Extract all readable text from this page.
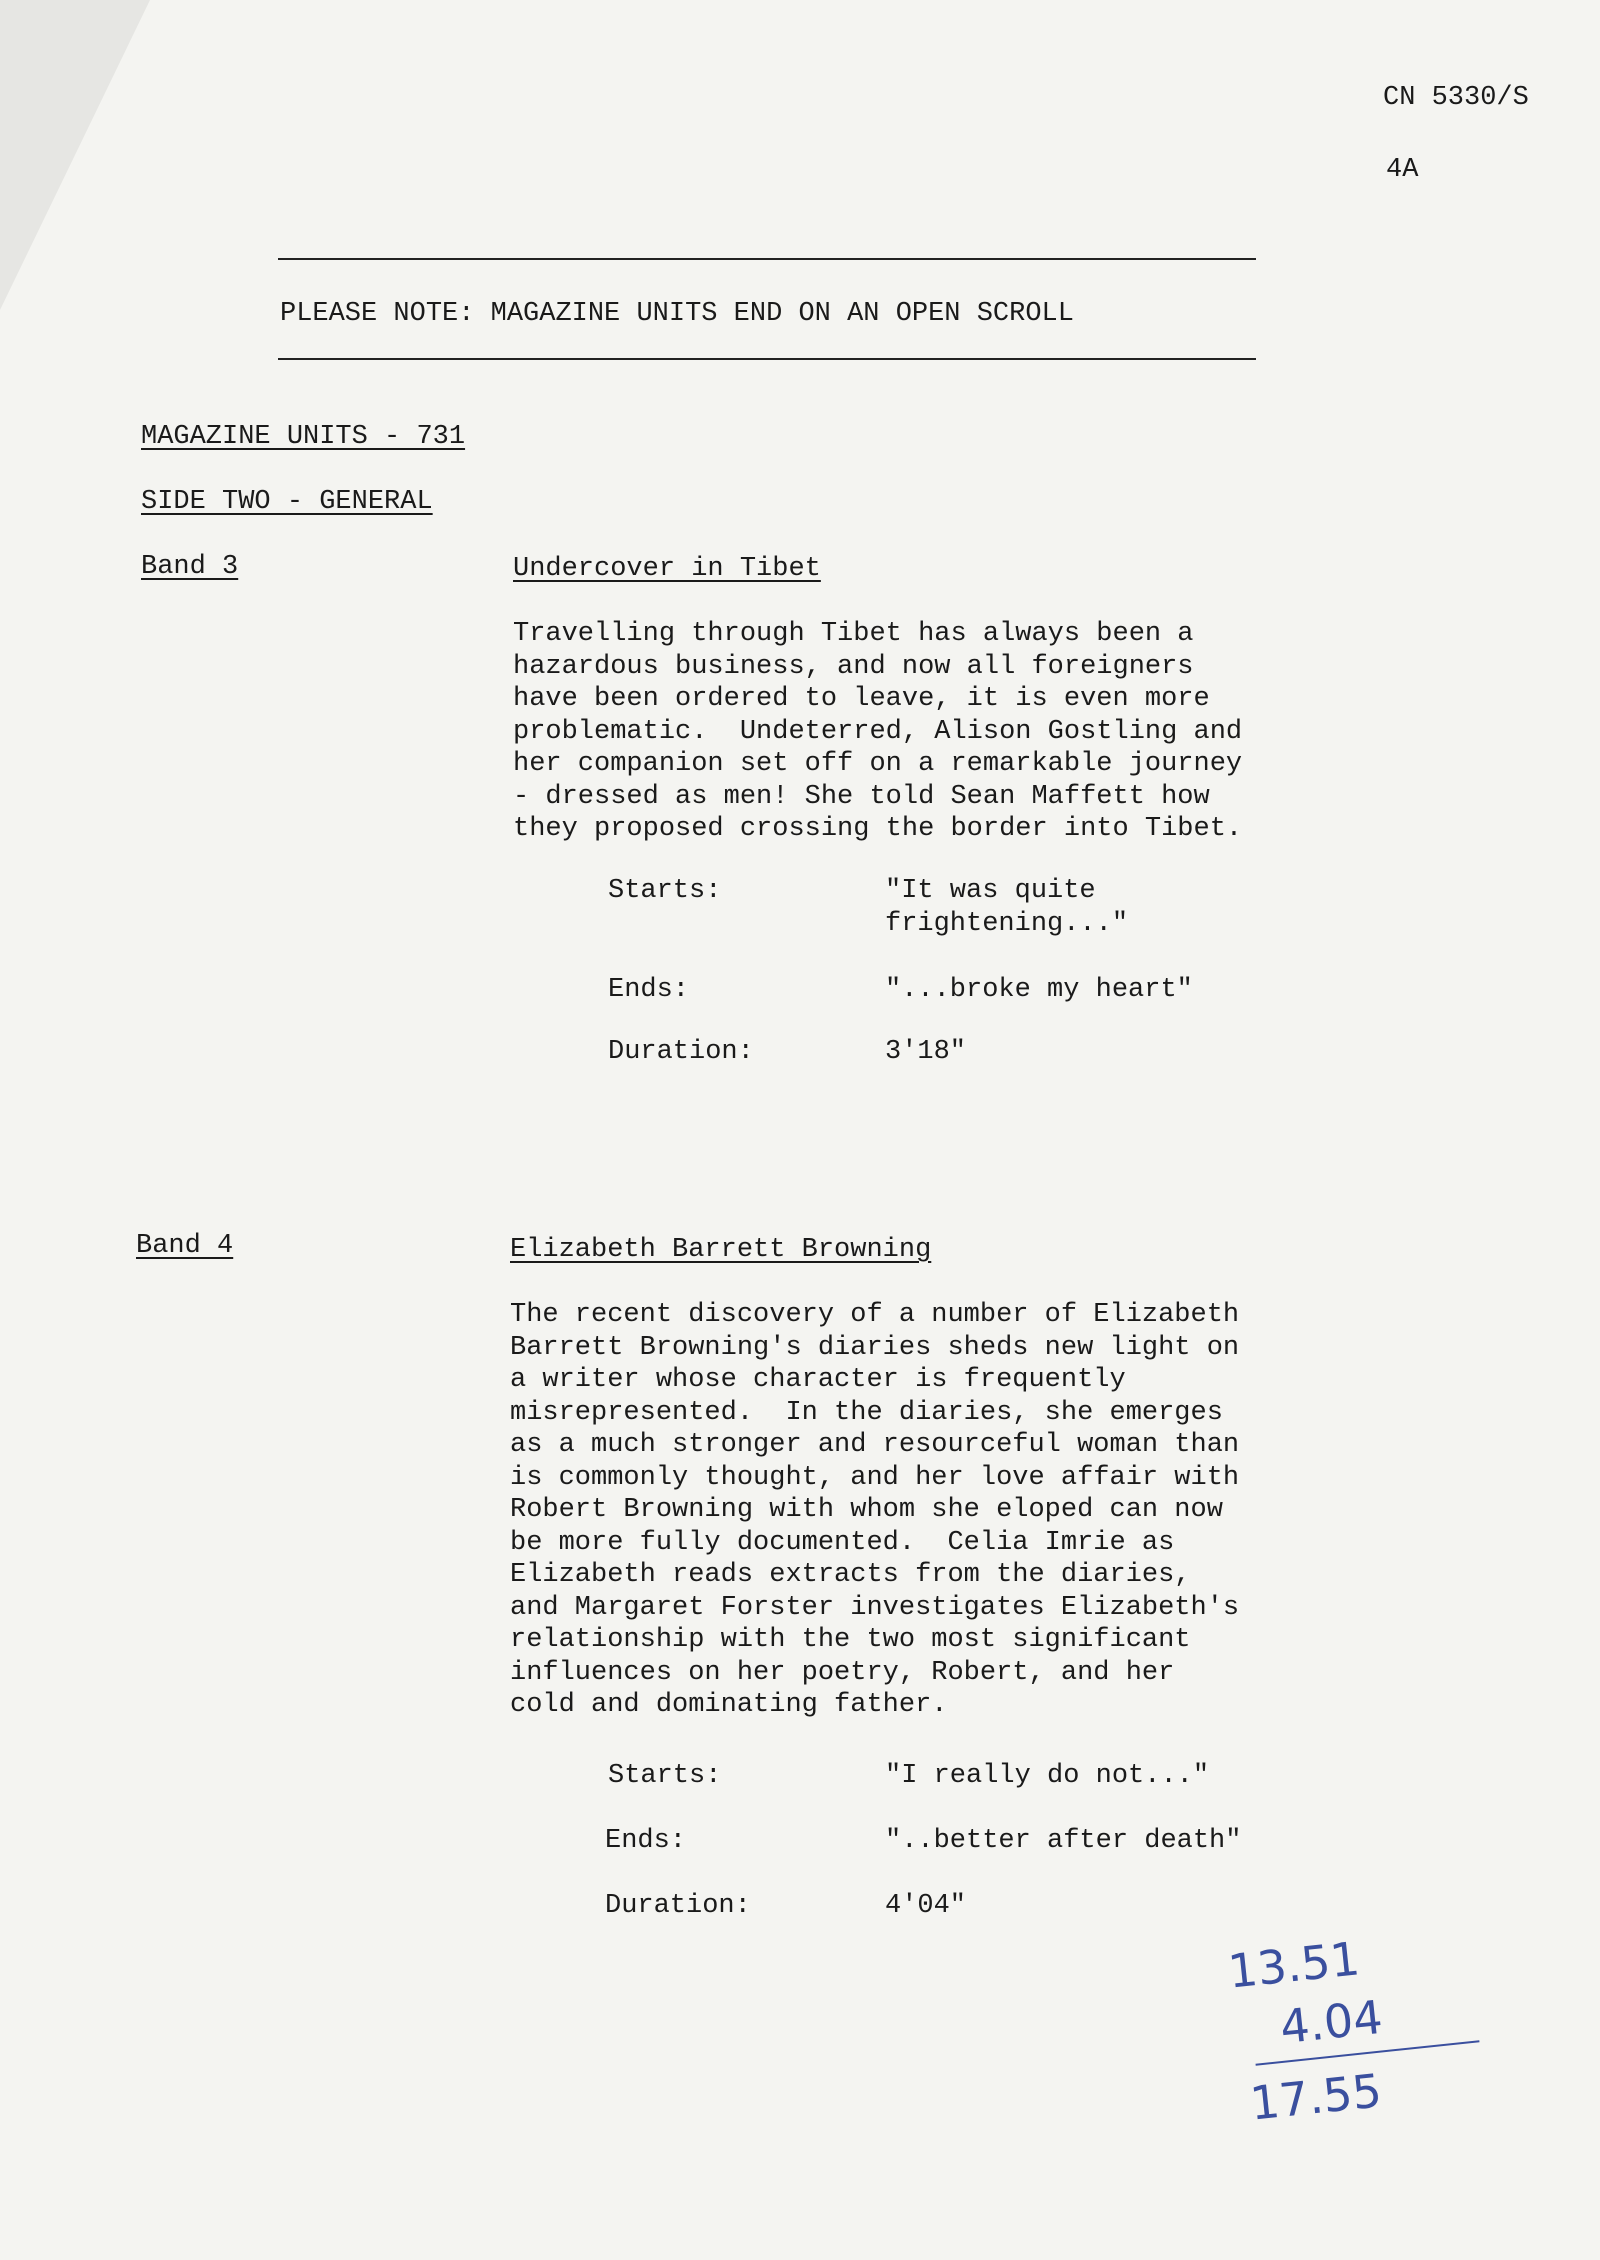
CN 5330/S
4A
PLEASE NOTE: MAGAZINE UNITS END ON AN OPEN SCROLL
MAGAZINE UNITS - 731
SIDE TWO - GENERAL
Band 3	Undercover in Tibet
Travelling through Tibet has always been a
hazardous business, and now all foreigners
have been ordered to leave, it is even more
problematic.  Undeterred, Alison Gostling and
her companion set off on a remarkable journey
- dressed as men! She told Sean Maffett how
they proposed crossing the border into Tibet.
Starts:	"It was quite
frightening..."
Ends:	"...broke my heart"
Duration:	3'18"
Band 4	Elizabeth Barrett Browning
The recent discovery of a number of Elizabeth
Barrett Browning's diaries sheds new light on
a writer whose character is frequently
misrepresented.  In the diaries, she emerges
as a much stronger and resourceful woman than
is commonly thought, and her love affair with
Robert Browning with whom she eloped can now
be more fully documented.  Celia Imrie as
Elizabeth reads extracts from the diaries,
and Margaret Forster investigates Elizabeth's
relationship with the two most significant
influences on her poetry, Robert, and her
cold and dominating father.
Starts:	"I really do not..."
Ends:	"..better after death"
Duration:	4'04"
13.51
4.04
17.55
